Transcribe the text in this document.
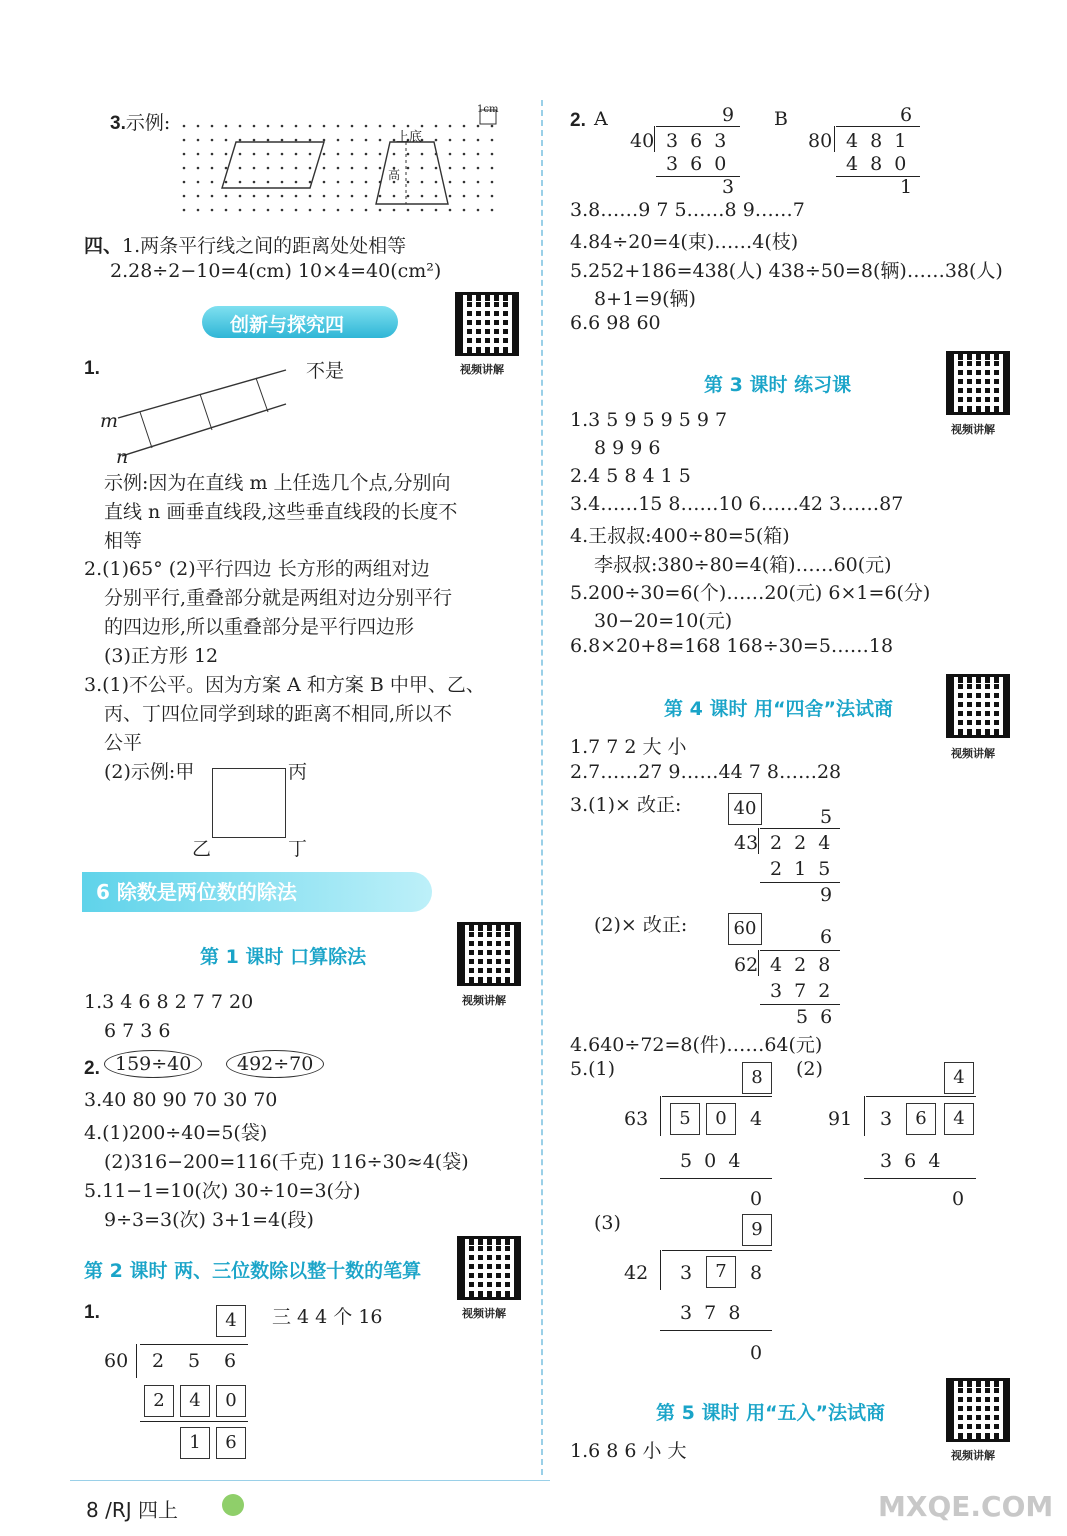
3.示例:
1cm
上底
高
四、1.两条平行线之间的距离处处相等
2.28÷2−10=4(cm) 10×4=40(cm²)
创新与探究四
视频讲解
1.	不是
m
n
示例:因为在直线 m 上任选几个点,分别向
直线 n 画垂直线段,这些垂直线段的长度不
相等
2.(1)65° (2)平行四边 长方形的两组对边
分别平行,重叠部分就是两组对边分别平行
的四边形,所以重叠部分是平行四边形
(3)正方形 12
3.(1)不公平。因为方案 A 和方案 B 中甲、乙、
丙、丁四位同学到球的距离不相同,所以不
公平
(2)示例:甲	丙
乙	丁
6 除数是两位数的除法
第 1 课时 口算除法
视频讲解
1.3 4 6 8 2 7 7 20
6 7 3 6
2. 159÷40	492÷70
3.40 80 90 70 30 70
4.(1)200÷40=5(袋)
(2)316−200=116(千克) 116÷30≈4(袋)
5.11−1=10(次) 30÷10=3(分)
9÷3=3(次) 3+1=4(段)
第 2 课时 两、三位数除以整十数的笔算
视频讲解
1.	三 4 4 个 16
4
60 2 5 6
2	4	0
1	6
8 /RJ 四上
2. A	B
9
40 3 6 3
3 6 0
3
6
80 4 8 1
4 8 0
1
3.8……9 7 5……8 9……7
4.84÷20=4(束)……4(枝)
5.252+186=438(人) 438÷50=8(辆)……38(人)
8+1=9(辆)
6.6 98 60
第 3 课时 练习课
视频讲解
1.3 5 9 5 9 5 9 7
8 9 9 6
2.4 5 8 4 1 5
3.4……15 8……10 6……42 3……87
4.王叔叔:400÷80=5(箱)
李叔叔:380÷80=4(箱)……60(元)
5.200÷30=6(个)……20(元) 6×1=6(分)
30−20=10(元)
6.8×20+8=168 168÷30=5……18
第 4 课时 用“四舍”法试商
视频讲解
1.7 7 2 大 小
2.7……27 9……44 7 8……28
3.(1)× 改正:	40	5
43 2 2 4
2 1 5
9
(2)× 改正:	60	6
62 4 2 8
3 7 2
5 6
4.640÷72=8(件)……64(元)
5.(1)	(2)
8
63	5	0	4
5  0  4
0
4
91 3	6	4
3  6  4
0
(3)	9
42 3	7	8
3  7  8
0
第 5 课时 用“五入”法试商
视频讲解
1.6 8 6 小 大
MXQE.COM
